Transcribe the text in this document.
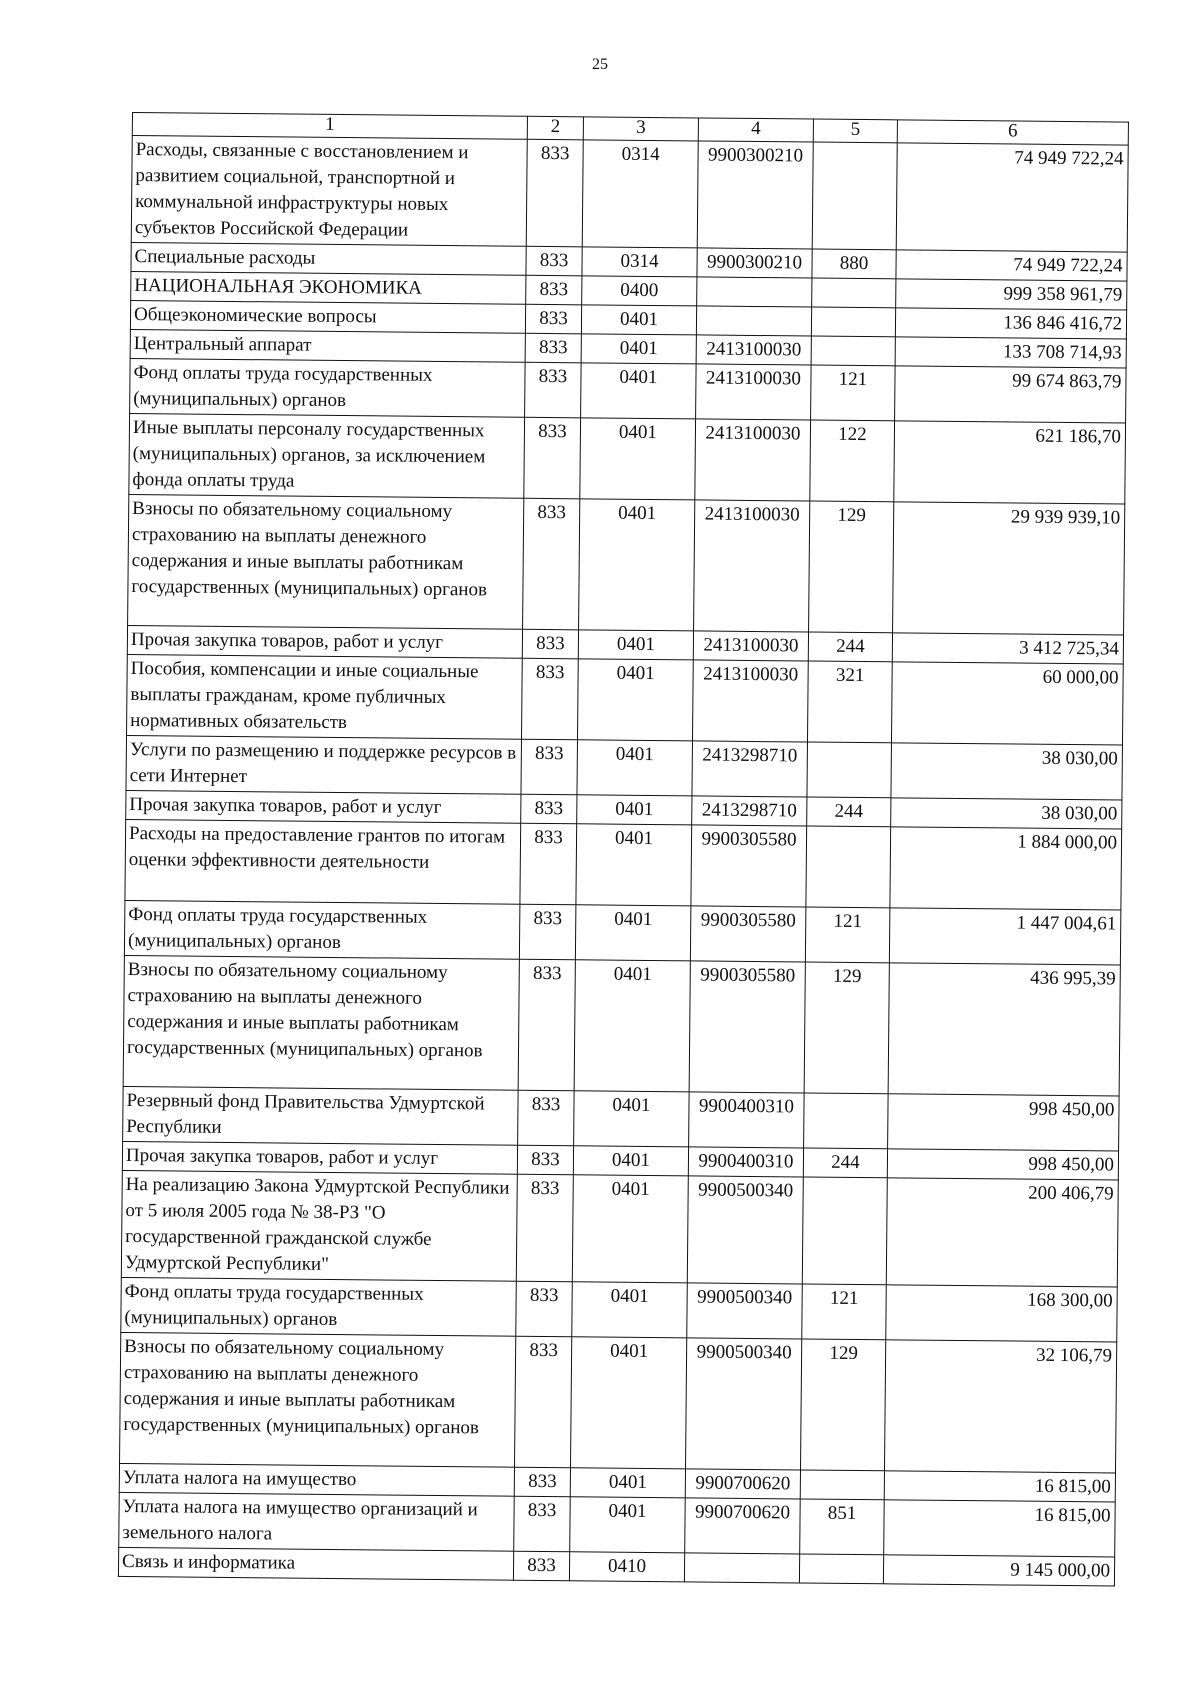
25
1	2	3	4	5	6
Расходы, связанные с восстановлением и развитием социальной, транспортной и коммунальной инфраструктуры новых субъектов Российской Федерации	833	0314	9900300210		74 949 722,24
Специальные расходы	833	0314	9900300210	880	74 949 722,24
НАЦИОНАЛЬНАЯ ЭКОНОМИКА	833	0400			999 358 961,79
Общеэкономические вопросы	833	0401			136 846 416,72
Центральный аппарат	833	0401	2413100030		133 708 714,93
Фонд оплаты труда государственных (муниципальных) органов	833	0401	2413100030	121	99 674 863,79
Иные выплаты персоналу государственных (муниципальных) органов, за исключением фонда оплаты труда	833	0401	2413100030	122	621 186,70
Взносы по обязательному социальному страхованию на выплаты денежного содержания и иные выплаты работникам государственных (муниципальных) органов	833	0401	2413100030	129	29 939 939,10
Прочая закупка товаров, работ и услуг	833	0401	2413100030	244	3 412 725,34
Пособия, компенсации и иные социальные выплаты гражданам, кроме публичных нормативных обязательств	833	0401	2413100030	321	60 000,00
Услуги по размещению и поддержке ресурсов в сети Интернет	833	0401	2413298710		38 030,00
Прочая закупка товаров, работ и услуг	833	0401	2413298710	244	38 030,00
Расходы на предоставление грантов по итогам оценки эффективности деятельности	833	0401	9900305580		1 884 000,00
Фонд оплаты труда государственных (муниципальных) органов	833	0401	9900305580	121	1 447 004,61
Взносы по обязательному социальному страхованию на выплаты денежного содержания и иные выплаты работникам государственных (муниципальных) органов	833	0401	9900305580	129	436 995,39
Резервный фонд Правительства Удмуртской Республики	833	0401	9900400310		998 450,00
Прочая закупка товаров, работ и услуг	833	0401	9900400310	244	998 450,00
На реализацию Закона Удмуртской Республики от 5 июля 2005 года № 38-РЗ "О государственной гражданской службе Удмуртской Республики"	833	0401	9900500340		200 406,79
Фонд оплаты труда государственных (муниципальных) органов	833	0401	9900500340	121	168 300,00
Взносы по обязательному социальному страхованию на выплаты денежного содержания и иные выплаты работникам государственных (муниципальных) органов	833	0401	9900500340	129	32 106,79
Уплата налога на имущество	833	0401	9900700620		16 815,00
Уплата налога на имущество организаций и земельного налога	833	0401	9900700620	851	16 815,00
Связь и информатика	833	0410			9 145 000,00
